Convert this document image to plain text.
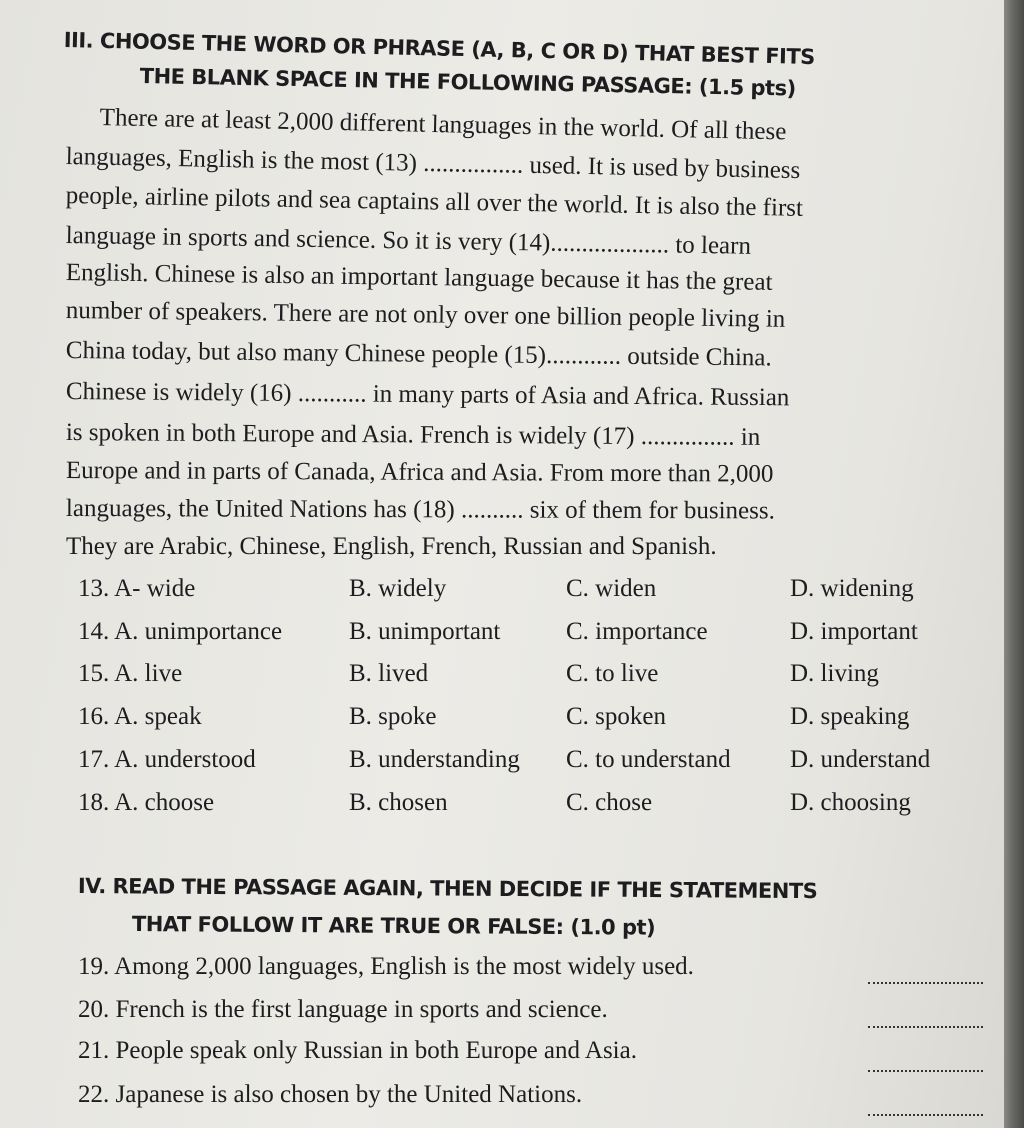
III. CHOOSE THE WORD OR PHRASE (A, B, C OR D) THAT BEST FITS
THE BLANK SPACE IN THE FOLLOWING PASSAGE: (1.5 pts)
There are at least 2,000 different languages in the world. Of all these
languages, English is the most (13) ................ used. It is used by business
people, airline pilots and sea captains all over the world. It is also the first
language in sports and science. So it is very (14)................... to learn
English. Chinese is also an important language because it has the great
number of speakers. There are not only over one billion people living in
China today, but also many Chinese people (15)............ outside China.
Chinese is widely (16) ........... in many parts of Asia and Africa. Russian
is spoken in both Europe and Asia. French is widely (17) ............... in
Europe and in parts of Canada, Africa and Asia. From more than 2,000
languages, the United Nations has (18) .......... six of them for business.
They are Arabic, Chinese, English, French, Russian and Spanish.
13. A- wide	B. widely	C. widen	D. widening
14. A. unimportance	B. unimportant	C. importance	D. important
15. A. live	B. lived	C. to live	D. living
16. A. speak	B. spoke	C. spoken	D. speaking
17. A. understood	B. understanding C. to understand D. understand
18. A. choose	B. chosen	C. chose	D. choosing
IV. READ THE PASSAGE AGAIN, THEN DECIDE IF THE STATEMENTS
THAT FOLLOW IT ARE TRUE OR FALSE: (1.0 pt)
19. Among 2,000 languages, English is the most widely used.
20. French is the first language in sports and science.
21. People speak only Russian in both Europe and Asia.
22. Japanese is also chosen by the United Nations.
